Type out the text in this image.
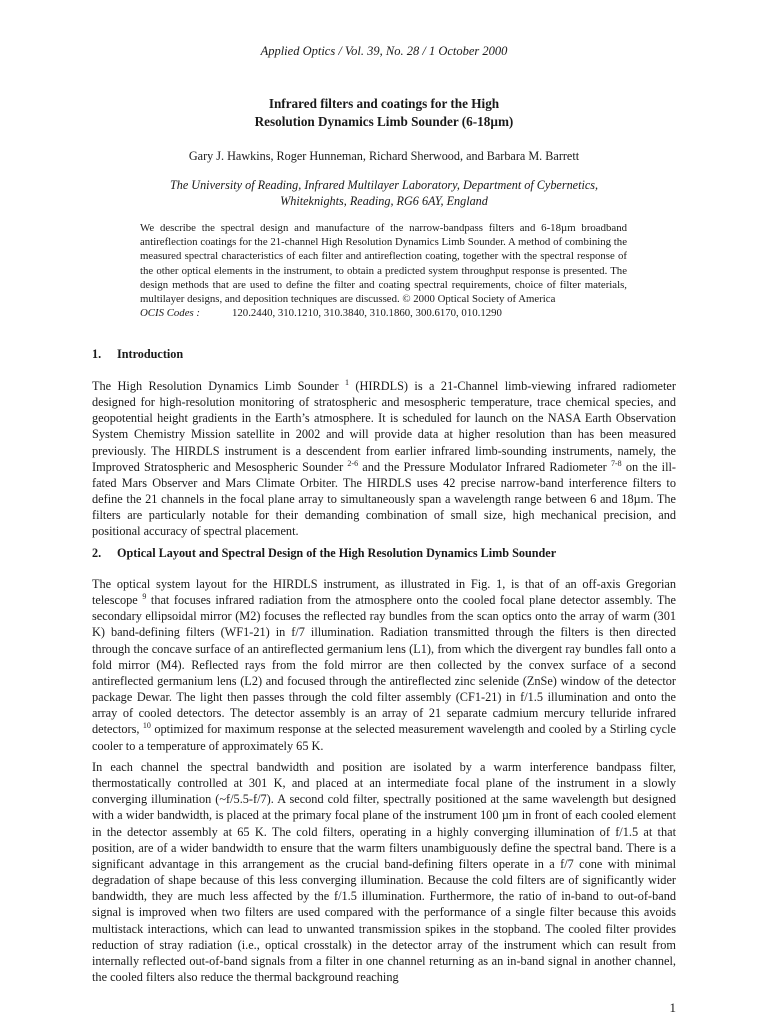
Applied Optics / Vol. 39, No. 28 / 1 October 2000
Infrared filters and coatings for the High
Resolution Dynamics Limb Sounder (6-18µm)
Gary J. Hawkins, Roger Hunneman, Richard Sherwood, and Barbara M. Barrett
The University of Reading, Infrared Multilayer Laboratory, Department of Cybernetics,
Whiteknights, Reading, RG6 6AY, England

We describe the spectral design and manufacture of the narrow-bandpass filters and 6-18µm broadband antireflection coatings for the 21-channel High Resolution Dynamics Limb Sounder. A method of combining the measured spectral characteristics of each filter and antireflection coating, together with the spectral response of the other optical elements in the instrument, to obtain a predicted system throughput response is presented. The design methods that are used to define the filter and coating spectral requirements, choice of filter materials, multilayer designs, and deposition techniques are discussed. © 2000 Optical Society of America

OCIS Codes :	120.2440, 310.1210, 310.3840, 310.1860, 300.6170, 010.1290
1. Introduction

The High Resolution Dynamics Limb Sounder $^1$ (HIRDLS) is a 21-Channel limb-viewing infrared radiometer designed for high-resolution monitoring of stratospheric and mesospheric temperature, trace chemical species, and geopotential height gradients in the Earth’s atmosphere. It is scheduled for launch on the NASA Earth Observation System Chemistry Mission satellite in 2002 and will provide data at higher resolution than has been measured previously. The HIRDLS instrument is a descendent from earlier infrared limb-sounding instruments, namely, the Improved Stratospheric and Mesospheric Sounder $^{2-6}$ and the Pressure Modulator Infrared Radiometer $^{7-8}$ on the ill-fated Mars Observer and Mars Climate Orbiter. The HIRDLS uses 42 precise narrow-band interference filters to define the 21 channels in the focal plane array to simultaneously span a wavelength range between 6 and 18µm. The filters are particularly notable for their demanding combination of small size, high mechanical precision, and positional accuracy of spectral placement.

2. Optical Layout and Spectral Design of the High Resolution Dynamics Limb Sounder

The optical system layout for the HIRDLS instrument, as illustrated in Fig. 1, is that of an off-axis Gregorian telescope $^9$ that focuses infrared radiation from the atmosphere onto the cooled focal plane detector assembly. The secondary ellipsoidal mirror (M2) focuses the reflected ray bundles from the scan optics onto the array of warm (301 K) band-defining filters (WF1-21) in f/7 illumination. Radiation transmitted through the filters is then directed through the concave surface of an antireflected germanium lens (L1), from which the divergent ray bundles fall onto a fold mirror (M4). Reflected rays from the fold mirror are then collected by the convex surface of a second antireflected germanium lens (L2) and focused through the antireflected zinc selenide (ZnSe) window of the detector package Dewar. The light then passes through the cold filter assembly (CF1-21) in f/1.5 illumination and onto the array of cooled detectors. The detector assembly is an array of 21 separate cadmium mercury telluride infrared detectors, $^{10}$ optimized for maximum response at the selected measurement wavelength and cooled by a Stirling cycle cooler to a temperature of approximately 65 K.

In each channel the spectral bandwidth and position are isolated by a warm interference bandpass filter, thermostatically controlled at 301 K, and placed at an intermediate focal plane of the instrument in a slowly converging illumination (~f/5.5-f/7). A second cold filter, spectrally positioned at the same wavelength but designed with a wider bandwidth, is placed at the primary focal plane of the instrument 100 µm in front of each cooled element in the detector assembly at 65 K. The cold filters, operating in a highly converging illumination of f/1.5 at that position, are of a wider bandwidth to ensure that the warm filters unambiguously define the spectral band. There is a significant advantage in this arrangement as the crucial band-defining filters operate in a f/7 cone with minimal degradation of shape because of this less converging illumination. Because the cold filters are of significantly wider bandwidth, they are much less affected by the f/1.5 illumination. Furthermore, the ratio of in-band to out-of-band signal is improved when two filters are used compared with the performance of a single filter because this avoids multistack interactions, which can lead to unwanted transmission spikes in the stopband. The cooled filter provides reduction of stray radiation (i.e., optical crosstalk) in the detector array of the instrument which can result from internally reflected out-of-band signals from a filter in one channel returning as an in-band signal in another channel, the cooled filters also reduce the thermal background reaching

1
